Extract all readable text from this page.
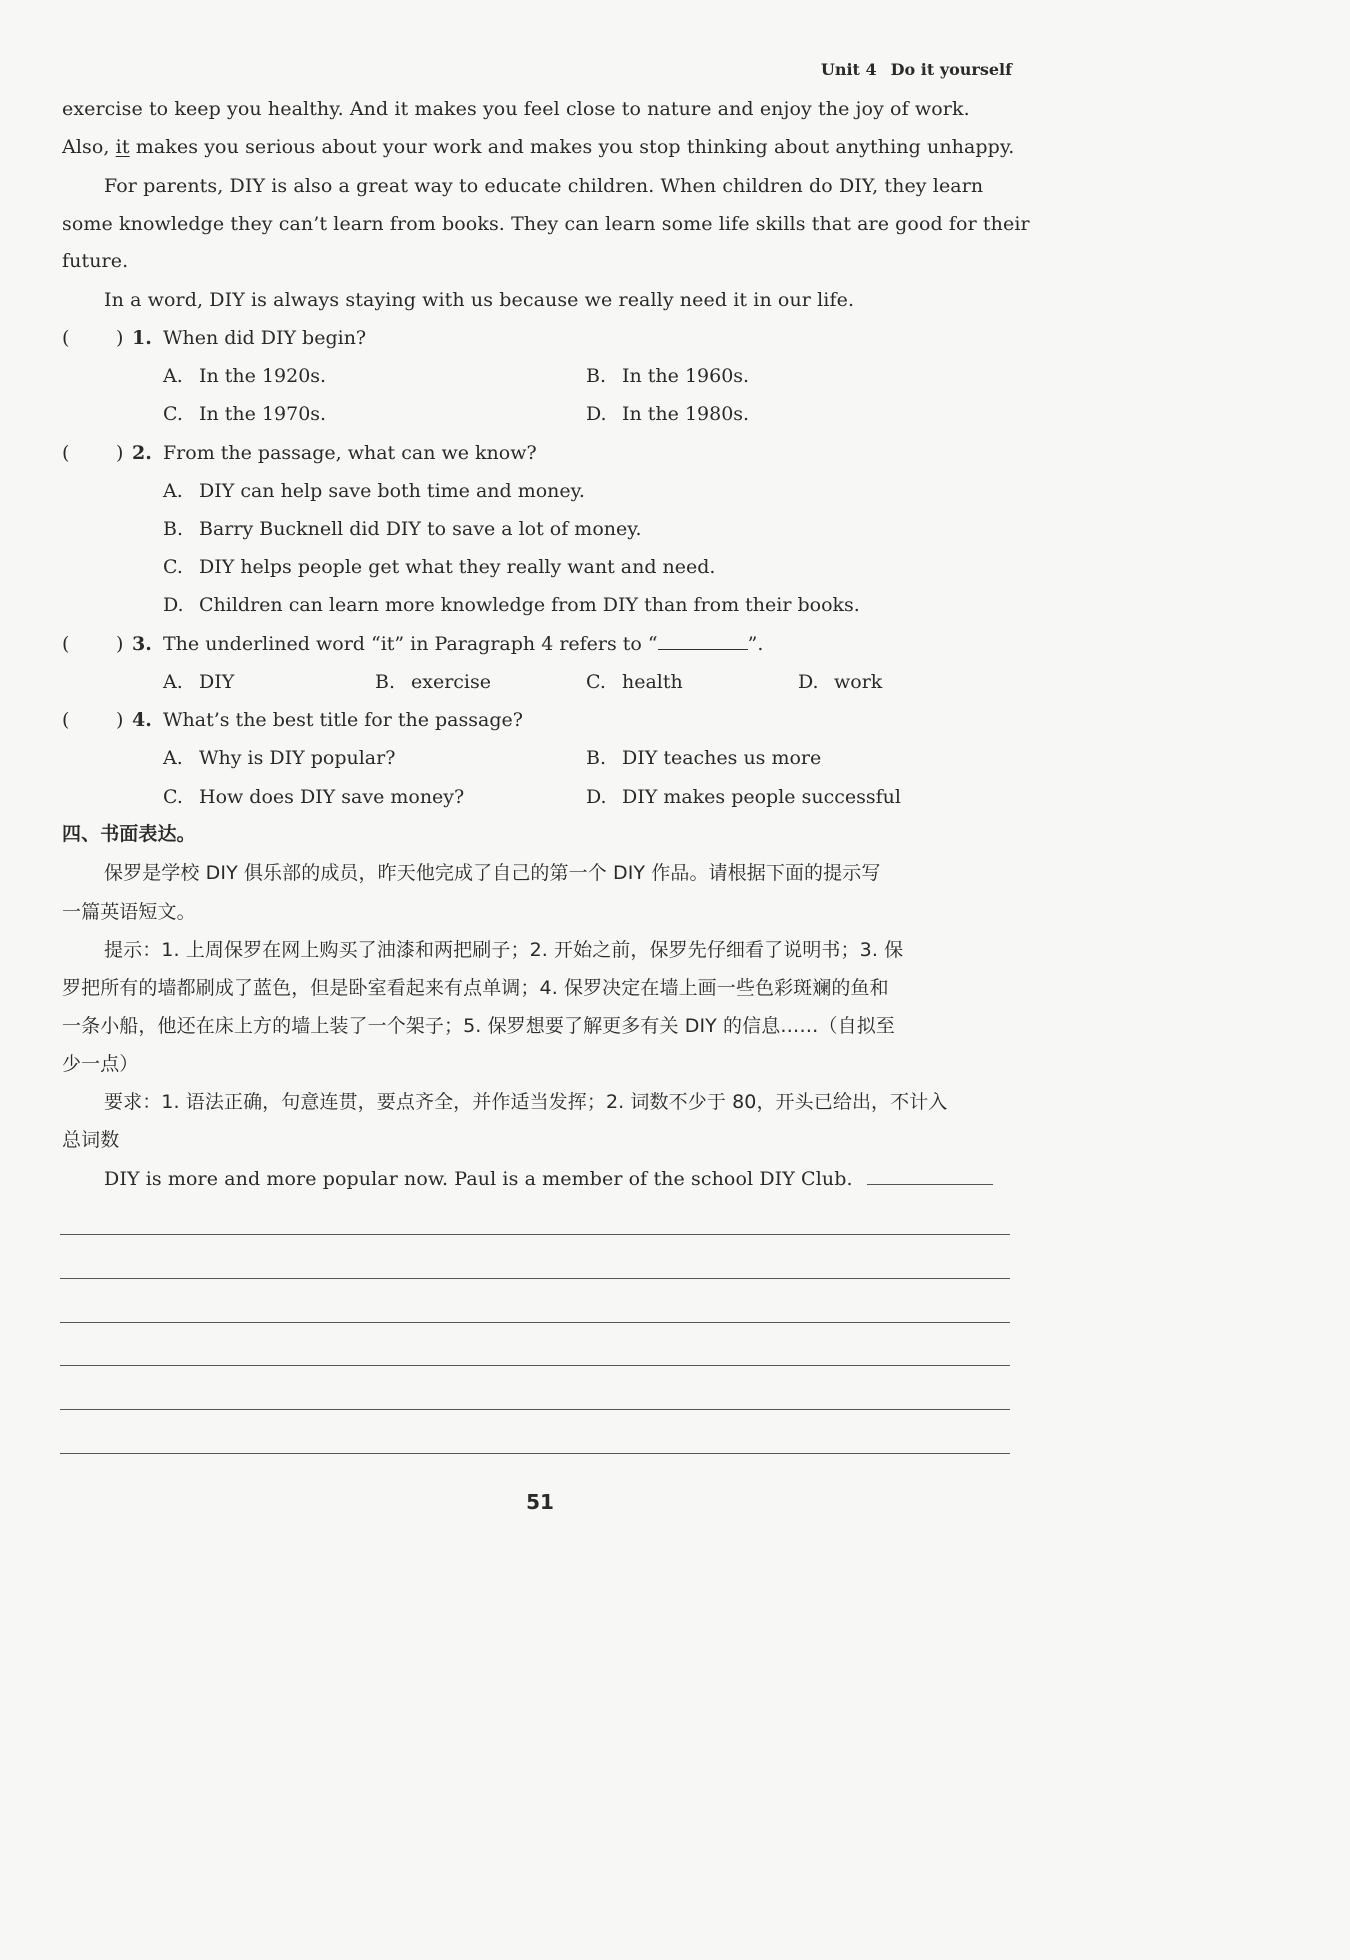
Unit 4 Do it yourself
exercise to keep you healthy. And it makes you feel close to nature and enjoy the joy of work.
Also, it makes you serious about your work and makes you stop thinking about anything unhappy.
For parents, DIY is also a great way to educate children. When children do DIY, they learn
some knowledge they can’t learn from books. They can learn some life skills that are good for their
future.
In a word, DIY is always staying with us because we really need it in our life.
( ) 1. When did DIY begin?
A. In the 1920s.	B. In the 1960s.
C. In the 1970s.	D. In the 1980s.
( ) 2. From the passage, what can we know?
A. DIY can help save both time and money.
B. Barry Bucknell did DIY to save a lot of money.
C. DIY helps people get what they really want and need.
D. Children can learn more knowledge from DIY than from their books.
( ) 3. The underlined word “it” in Paragraph 4 refers to “	”.
A. DIY	B. exercise	C. health	D. work
( ) 4. What’s the best title for the passage?
A. Why is DIY popular?	B. DIY teaches us more
C. How does DIY save money?	D. DIY makes people successful
四、书面表达。
保罗是学校 DIY 俱乐部的成员，昨天他完成了自己的第一个 DIY 作品。请根据下面的提示写
一篇英语短文。
提示：1. 上周保罗在网上购买了油漆和两把刷子；2. 开始之前，保罗先仔细看了说明书；3. 保
罗把所有的墙都刷成了蓝色，但是卧室看起来有点单调；4. 保罗决定在墙上画一些色彩斑斓的鱼和
一条小船，他还在床上方的墙上装了一个架子；5. 保罗想要了解更多有关 DIY 的信息……（自拟至
少一点）
要求：1. 语法正确，句意连贯，要点齐全，并作适当发挥；2. 词数不少于 80，开头已给出，不计入
总词数
DIY is more and more popular now. Paul is a member of the school DIY Club.
51
